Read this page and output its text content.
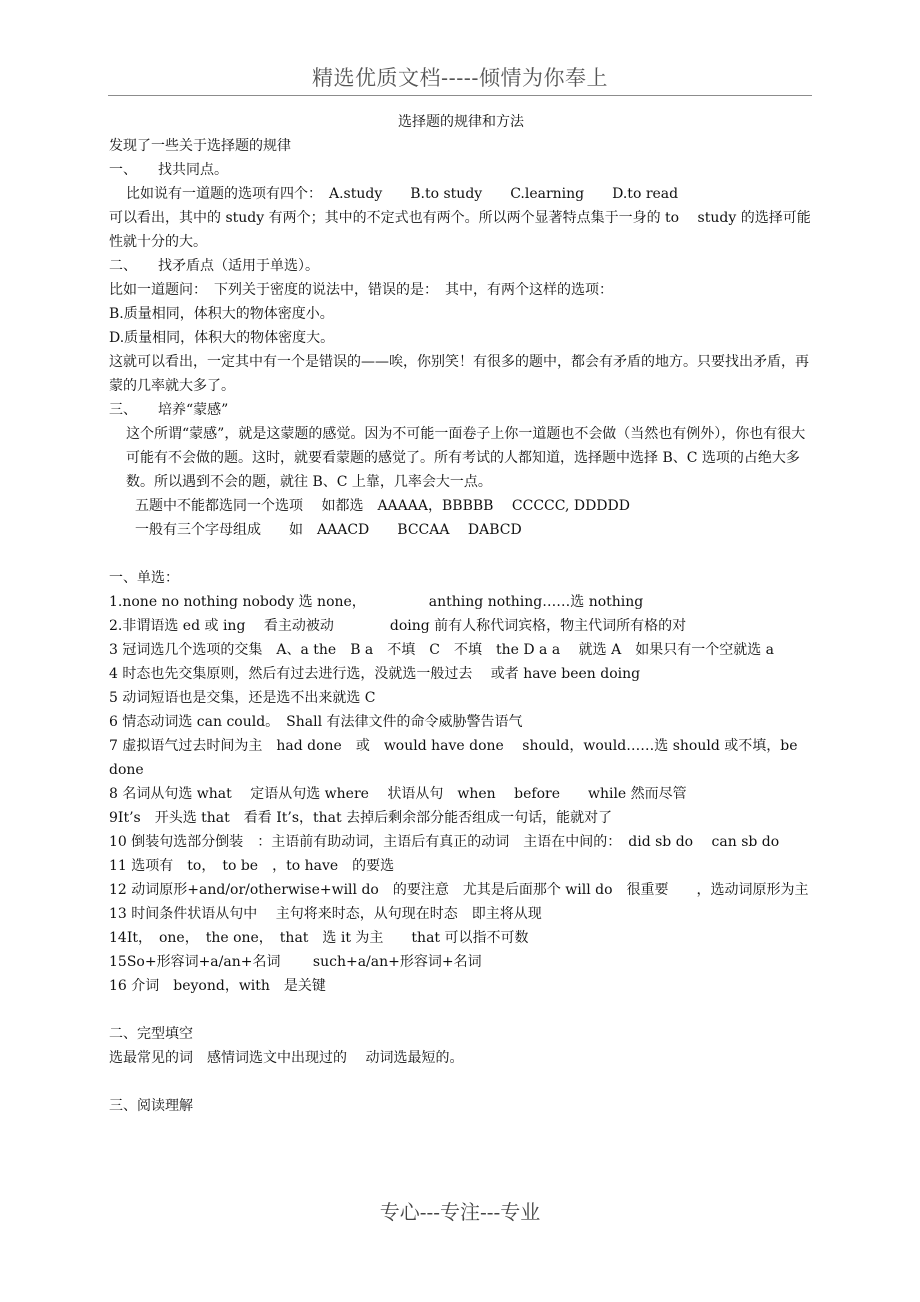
精选优质文档-----倾情为你奉上

选择题的规律和方法

发现了一些关于选择题的规律

一、　　找共同点。

比如说有一道题的选项有四个：　A.study　　B.to study　　C.learning　　D.to read

可以看出，其中的 study 有两个；其中的不定式也有两个。所以两个显著特点集于一身的 to　 study 的选择可能性就十分的大。

二、　　找矛盾点（适用于单选）。

比如一道题问：　下列关于密度的说法中，错误的是：　其中，有两个这样的选项：

B.质量相同，体积大的物体密度小。

D.质量相同，体积大的物体密度大。

这就可以看出，一定其中有一个是错误的——唉，你别笑！有很多的题中，都会有矛盾的地方。只要找出矛盾，再蒙的几率就大多了。

三、　　培养“蒙感”

这个所谓“蒙感”，就是这蒙题的感觉。因为不可能一面卷子上你一道题也不会做（当然也有例外），你也有很大可能有不会做的题。这时，就要看蒙题的感觉了。所有考试的人都知道，选择题中选择 B、C 选项的占绝大多数。所以遇到不会的题，就往 B、C 上靠，几率会大一点。

五题中不能都选同一个选项　 如都选　AAAAA，BBBBB　 CCCCC, DDDDD

一般有三个字母组成　　如　AAACD　　BCCAA　 DABCD

一、单选：

1.none no nothing nobody 选 none，　　　　　anthing nothing……选 nothing

2.非谓语选 ed 或 ing　 看主动被动　　　　doing 前有人称代词宾格，物主代词所有格的对

3 冠词选几个选项的交集　A、a the　B a　不填　C　不填　the D a a　 就选 A　如果只有一个空就选 a

4 时态也先交集原则，然后有过去进行选，没就选一般过去　 或者 have been doing

5 动词短语也是交集，还是选不出来就选 C

6 情态动词选 can could。　Shall 有法律文件的命令威胁警告语气

7 虚拟语气过去时间为主　had done　或　would have done　 should，would……选 should 或不填，be done

8 名词从句选 what　 定语从句选 where　 状语从句　when　 before　　while 然而尽管

9It’s　开头选 that　看看 It’s，that 去掉后剩余部分能否组成一句话，能就对了

10 倒装句选部分倒装　：主语前有助动词，主语后有真正的动词　主语在中间的：　did sb do　 can sb do

11 选项有　to，　to be　，to have　的要选

12 动词原形+and/or/otherwise+will do　的要注意　尤其是后面那个 will do　很重要　　，选动词原形为主

13 时间条件状语从句中　 主句将来时态，从句现在时态　即主将从现

14It，　one，　the one，　that　选 it 为主　　that 可以指不可数

15So+形容词+a/an+名词　　 such+a/an+形容词+名词

16 介词　beyond，with　是关键

二、完型填空

选最常见的词　感情词选文中出现过的　 动词选最短的。

三、阅读理解

专心---专注---专业
